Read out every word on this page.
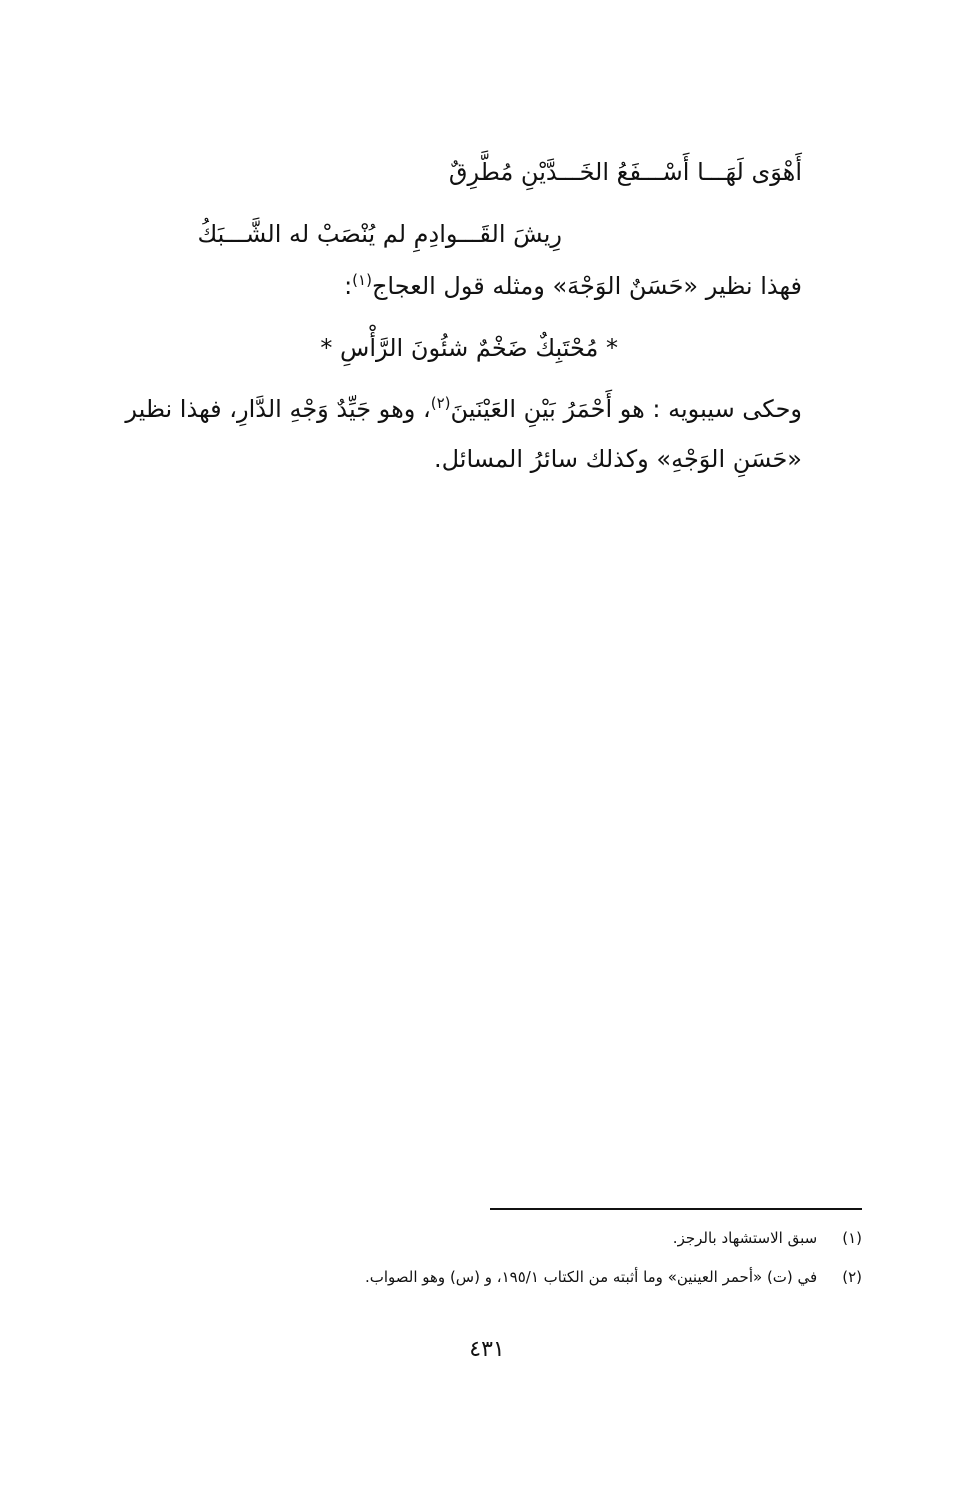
أَهْوَى لَهَـــا أَسْـــفَعُ الخَـــدَّيْنِ مُطَّرِقٌ
رِيشَ القَـــوادِمِ لم يُنْصَبْ له الشَّـــبَكُ
فهذا نظير «حَسَنٌ الوَجْهَ» ومثله قول العجاج$^{(١)}$:
* مُحْتَبِكٌ ضَخْمٌ شئُونَ الرَّأْسِ *
وحكى سيبويه : هو أَحْمَرُ بَيْنِ العَيْنَينَ$^{(٢)}$، وهو جَيِّدٌ وَجْهِ الدَّارِ، فهذا نظير «حَسَنِ الوَجْهِ» وكذلك سائرُ المسائل.
(١) سبق الاستشهاد بالرجز.
(٢) في (ت) «أحمر العينين» وما أثبته من الكتاب ١٩٥/١، و (س) وهو الصواب.
٤٣١
